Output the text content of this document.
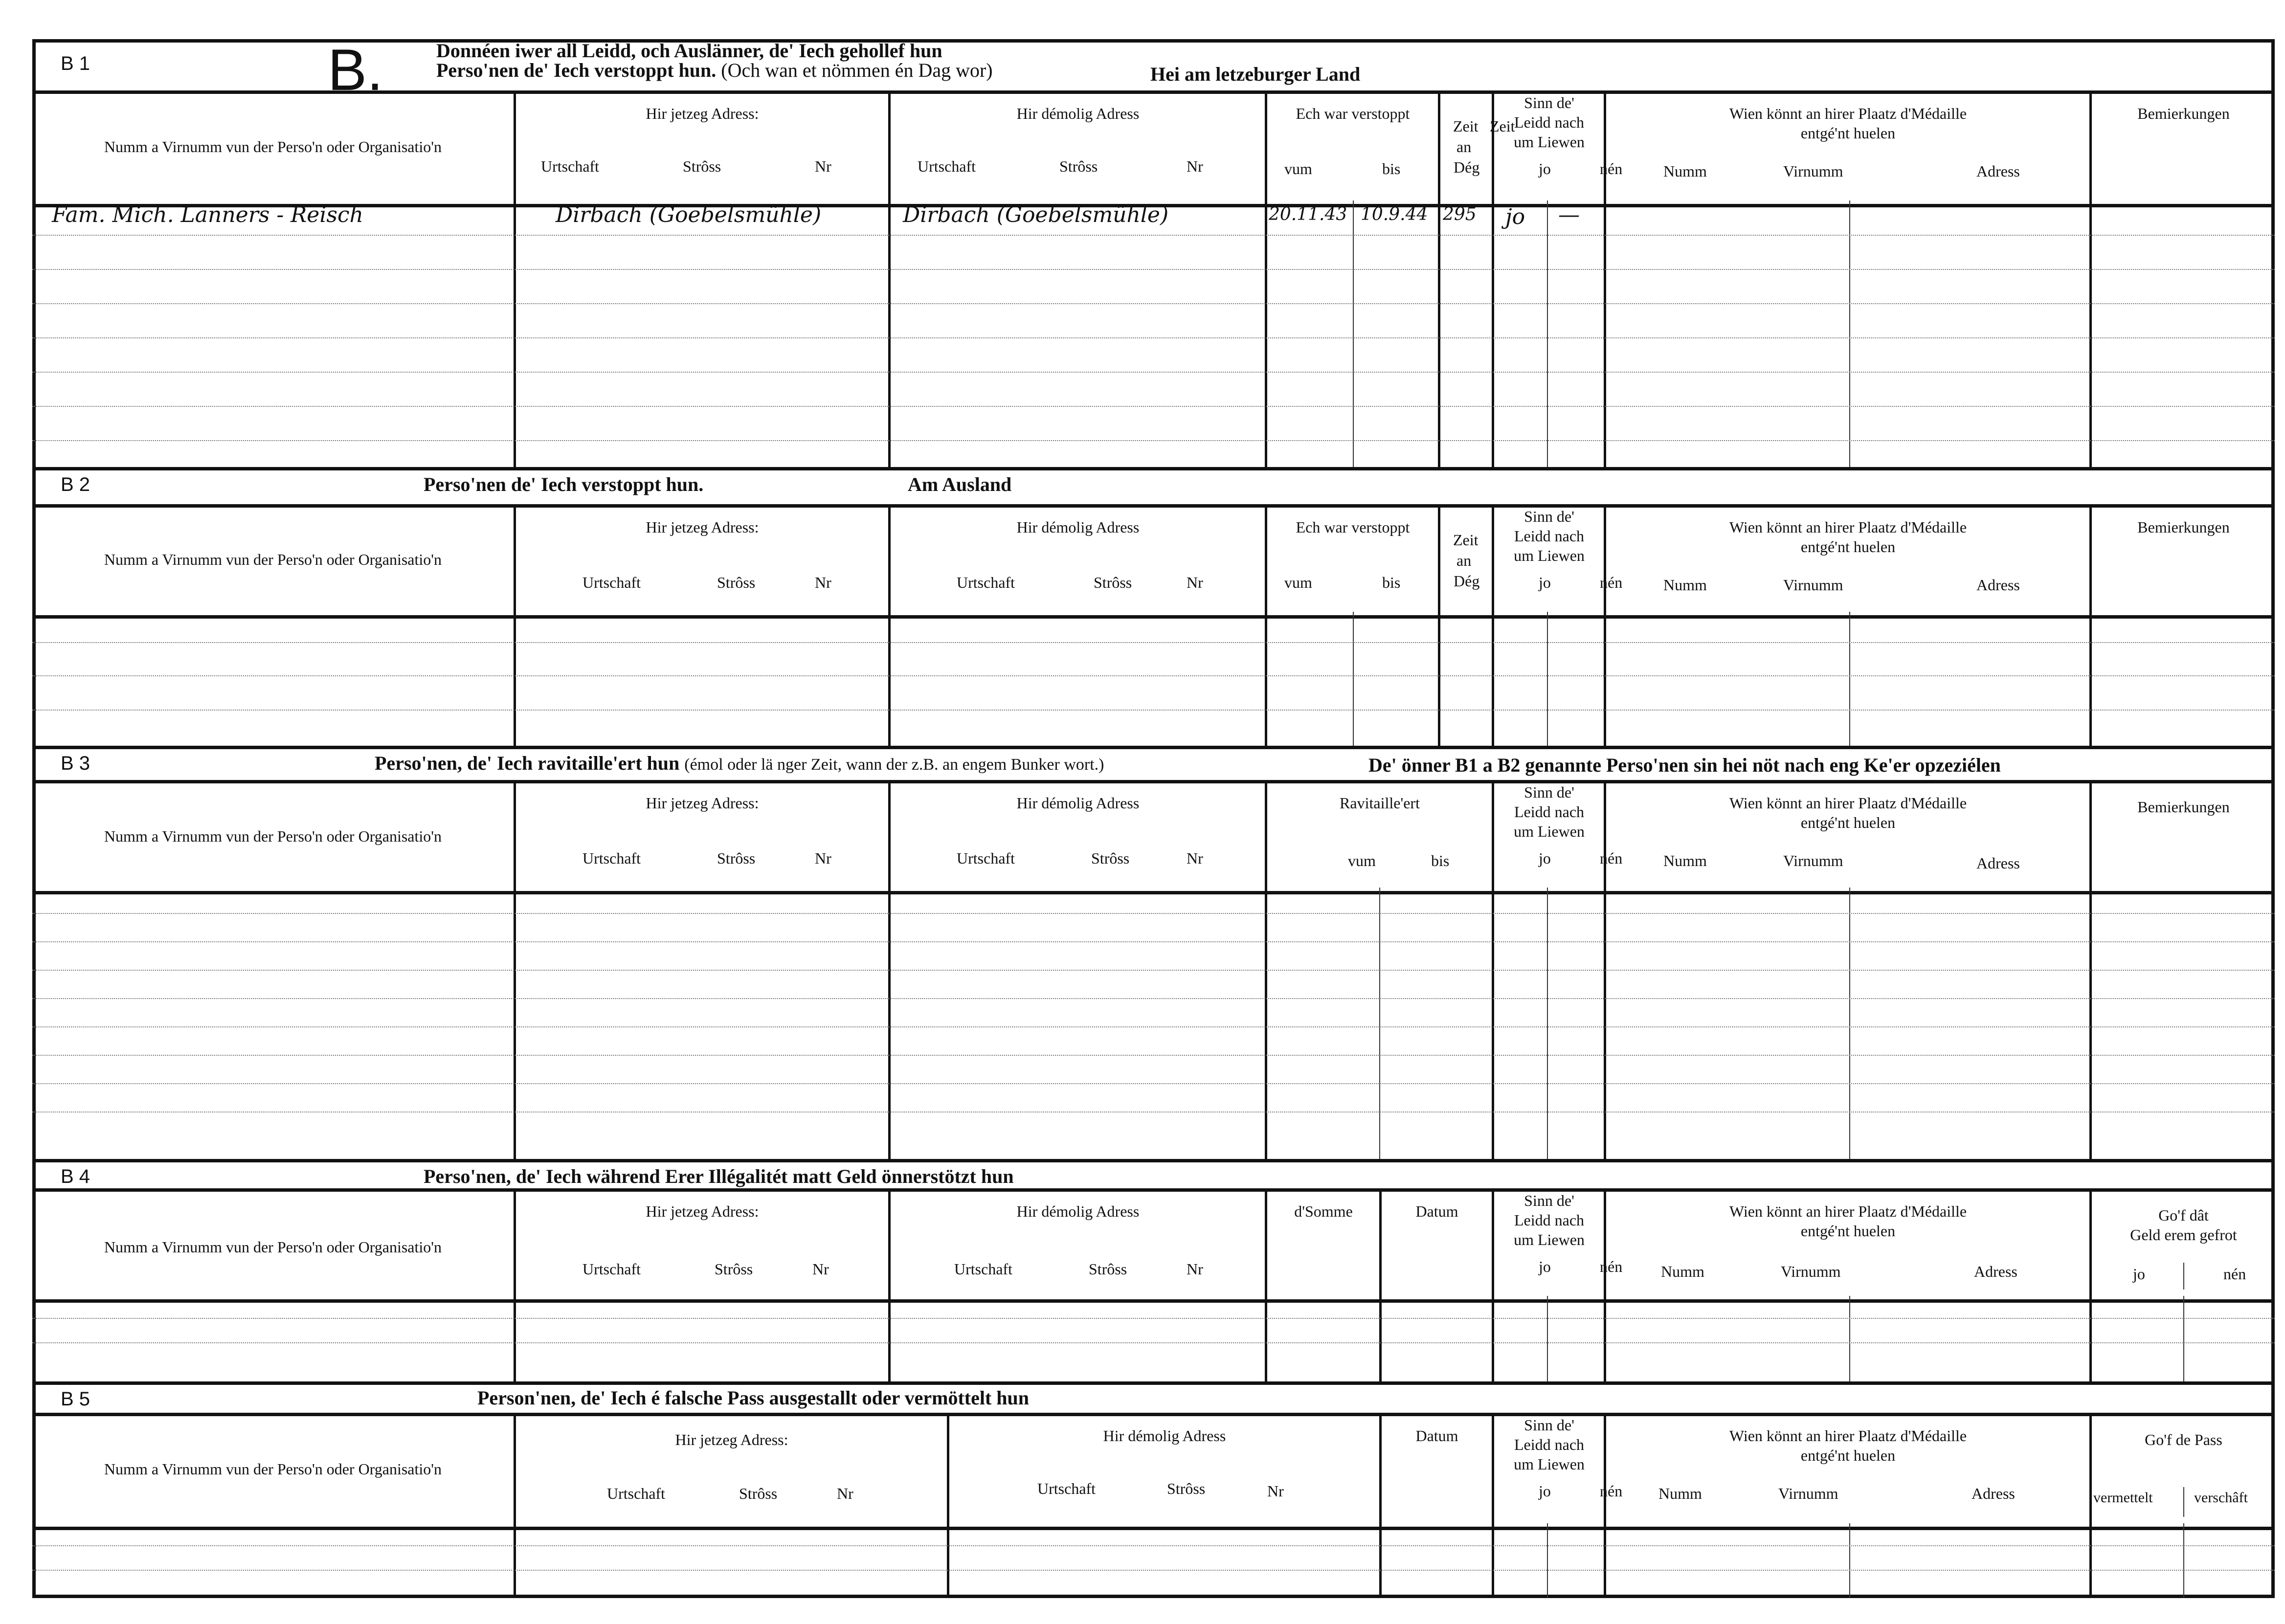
B 1	B.	Donnéen iwer all Leidd, och Auslänner, de' Iech gehollef hun
Perso'nen de' Iech verstoppt hun. (Och wan et nömmen én Dag wor)	Hei am letzeburger Land
Numm a Virnumm vun der Perso'n oder Organisatio'n
Hir jetzeg Adress:
Urtschaft	Strôss	Nr
Hir démolig Adress
Urtschaft	Strôss	Nr
Ech war verstoppt
vum	bis
Zeit
Zeit
an
Dég
Sinn de'
Leidd nach
um Liewen
jo	nén
Wien könnt an hirer Plaatz d'Médaille
entgé'nt huelen
Numm	Virnumm	Adress
Bemierkungen
Fam. Mich. Lanners - Reisch	Dirbach (Goebelsmühle)	Dirbach (Goebelsmühle)	20.11.43 10.9.44 295 jo —
B 2	Perso'nen de' Iech verstoppt hun.	Am Ausland
Numm a Virnumm vun der Perso'n oder Organisatio'n
Hir jetzeg Adress:
Urtschaft	Strôss	Nr
Hir démolig Adress
Urtschaft	Strôss	Nr
Ech war verstoppt
vum	bis
Zeit
an
Dég
Sinn de'
Leidd nach
um Liewen
jo	nén
Wien könnt an hirer Plaatz d'Médaille
entgé'nt huelen
Numm	Virnumm	Adress
Bemierkungen
B 3	Perso'nen, de' Iech ravitaille'ert hun (émol oder lä nger Zeit, wann der z.B. an engem Bunker wort.)	De' önner B1 a B2 genannte Perso'nen sin hei nöt nach eng Ke'er opzeziélen
Numm a Virnumm vun der Perso'n oder Organisatio'n
Hir jetzeg Adress:
Urtschaft	Strôss	Nr
Hir démolig Adress
Urtschaft	Strôss	Nr
Ravitaille'ert
vum	bis
Sinn de'
Leidd nach
um Liewen
jo	nén
Wien könnt an hirer Plaatz d'Médaille
entgé'nt huelen
Numm	Virnumm	Adress
Bemierkungen
B 4	Perso'nen, de' Iech während Erer Illégalitét matt Geld önnerstötzt hun
Numm a Virnumm vun der Perso'n oder Organisatio'n
Hir jetzeg Adress:
Urtschaft	Strôss	Nr
Hir démolig Adress
Urtschaft	Strôss	Nr
d'Somme	Datum
Sinn de'
Leidd nach
um Liewen
jo	nén
Wien könnt an hirer Plaatz d'Médaille
entgé'nt huelen
Numm	Virnumm	Adress
Go'f dât
Geld erem gefrot
jo	nén
B 5	Person'nen, de' Iech é falsche Pass ausgestallt oder vermöttelt hun
Numm a Virnumm vun der Perso'n oder Organisatio'n
Hir jetzeg Adress:
Urtschaft	Strôss	Nr
Hir démolig Adress
Urtschaft	Strôss	Nr
Datum
Sinn de'
Leidd nach
um Liewen
jo	nén
Wien könnt an hirer Plaatz d'Médaille
entgé'nt huelen
Numm	Virnumm	Adress
Go'f de Pass
vermettelt	verschâft
